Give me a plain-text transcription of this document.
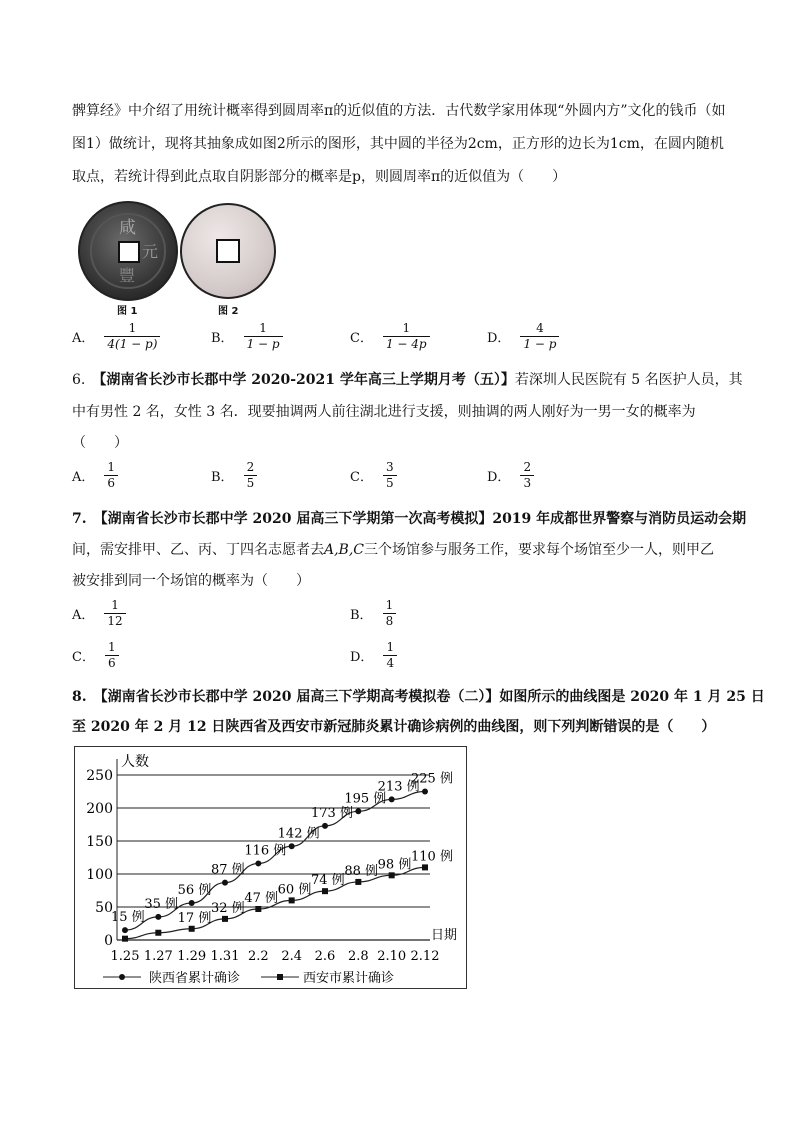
髀算经》中介绍了用统计概率得到圆周率π的近似值的方法．古代数学家用体现“外圆内方”文化的钱币（如
图1）做统计，现将其抽象成如图2所示的图形，其中圆的半径为2cm，正方形的边长为1cm，在圆内随机
取点，若统计得到此点取自阴影部分的概率是p，则圆周率π的近似值为（　　）
咸
元
豐
图 1	图 2
A． $\frac{1}{4(1 - p)}$	B． $\frac{1}{1 - p}$	C． $\frac{1}{1 - 4p}$	D． $\frac{4}{1 - p}$
6.　 【湖南省长沙市长郡中学 2020-2021 学年高三上学期月考（五）】若深圳人民医院有 5 名医护人员，其
中有男性 2 名，女性 3 名．现要抽调两人前往湖北进行支援，则抽调的两人刚好为一男一女的概率为
（　　）
A． $\frac{1}{6}$	B． $\frac{2}{5}$	C． $\frac{3}{5}$	D． $\frac{2}{3}$
7.　【湖南省长沙市长郡中学 2020 届高三下学期第一次高考模拟】2019 年成都世界警察与消防员运动会期
间，需安排甲、乙、丙、丁四名志愿者去A,B,C三个场馆参与服务工作，要求每个场馆至少一人，则甲乙
被安排到同一个场馆的概率为（　　）
A． $\frac{1}{12}$	B． $\frac{1}{8}$
C． $\frac{1}{6}$	D． $\frac{1}{4}$
8.　【湖南省长沙市长郡中学 2020 届高三下学期高考模拟卷（二）】如图所示的曲线图是 2020 年 1 月 25 日
至 2020 年 2 月 12 日陕西省及西安市新冠肺炎累计确诊病例的曲线图，则下列判断错误的是（　　）
人数
0
50
100
150
200
250
1.25 1.27 1.29 1.31 2.2 2.4 2.6 2.8 2.10 2.12
日期
15 例
35 例
56 例
87 例
116 例
142 例
173 例
195 例
213 例
225 例
17 例
32 例
47 例
60 例
74 例
88 例 98 例
110 例
陕西省累计确诊	西安市累计确诊
